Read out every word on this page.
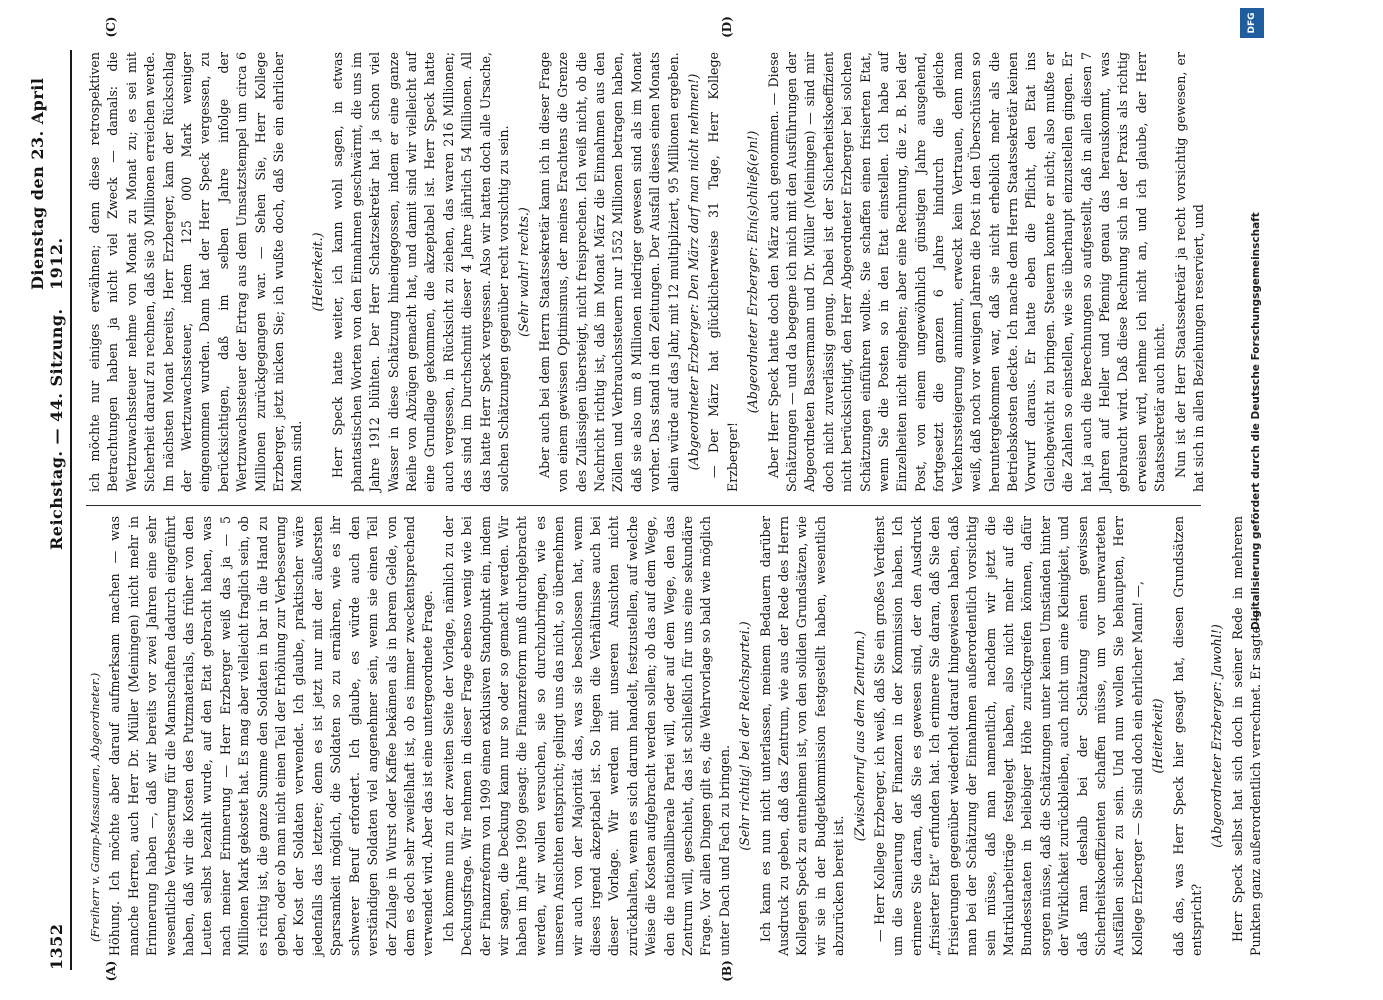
1352
Reichstag. — 44. Sitzung.
Dienstag den 23. April 1912.
(A)	(B)
(C)	(D)

(Freiherr v. Gamp-Massaunen, Abgeordneter.) Höhung. Ich möchte aber darauf aufmerksam machen — was manche Herren, auch Herr Dr. Müller (Meiningen) nicht mehr in Erinnerung haben —, daß wir bereits vor zwei Jahren eine sehr wesentliche Verbesserung für die Mannschaften dadurch eingeführt haben, daß wir die Kosten des Putzmaterials, das früher von den Leuten selbst bezahlt wurde, auf den Etat gebracht haben, was nach meiner Erinnerung — Herr Erzberger weiß das ja — 5 Millionen Mark gekostet hat. Es mag aber vielleicht fraglich sein, ob es richtig ist, die ganze Summe den Soldaten in bar in die Hand zu geben, oder ob man nicht einen Teil der Erhöhung zur Verbesserung der Kost der Soldaten verwendet. Ich glaube, praktischer wäre jedenfalls das letztere; denn es ist jetzt nur mit der äußersten Sparsamkeit möglich, die Soldaten so zu ernähren, wie es ihr schwerer Beruf erfordert. Ich glaube, es würde auch den verständigen Soldaten viel angenehmer sein, wenn sie einen Teil der Zulage in Wurst oder Kaffee bekämen als in barem Gelde, von dem es doch sehr zweifelhaft ist, ob es immer zweckentsprechend verwendet wird. Aber das ist eine untergeordnete Frage. Ich komme nun zu der zweiten Seite der Vorlage, nämlich zu der Deckungsfrage. Wir nehmen in dieser Frage ebenso wenig wie bei der Finanzreform von 1909 einen exklusiven Standpunkt ein, indem wir sagen, die Deckung kann nur so oder so gemacht werden. Wir haben im Jahre 1909 gesagt: die Finanzreform muß durchgebracht werden, wir wollen versuchen, sie so durchzubringen, wie es unseren Ansichten entspricht; gelingt uns das nicht, so übernehmen wir auch von der Majorität das, was sie beschlossen hat, wenn dieses irgend akzeptabel ist. So liegen die Verhältnisse auch bei dieser Vorlage. Wir werden mit unseren Ansichten nicht zurückhalten, wenn es sich darum handelt, festzustellen, auf welche Weise die Kosten aufgebracht werden sollen; ob das auf dem Wege, den die nationalliberale Partei will, oder auf dem Wege, den das Zentrum will, geschieht, das ist schließlich für uns eine sekundäre Frage. Vor allen Dingen gilt es, die Wehrvorlage so bald wie möglich unter Dach und Fach zu bringen. (Sehr richtig! bei der Reichspartei.) Ich kann es nun nicht unterlassen, meinem Bedauern darüber Ausdruck zu geben, daß das Zentrum, wie aus der Rede des Herrn Kollegen Speck zu entnehmen ist, von den soliden Grundsätzen, wie wir sie in der Budgetkommission festgestellt haben, wesentlich abzurücken bereit ist.

(Zwischenruf aus dem Zentrum.) — Herr Kollege Erzberger, ich weiß, daß Sie ein großes Verdienst um die Sanierung der Finanzen in der Kommission haben. Ich erinnere Sie daran, daß Sie es gewesen sind, der den Ausdruck „frisierter Etat“ erfunden hat. Ich erinnere Sie daran, daß Sie den Frisierungen gegenüber wiederholt darauf hingewiesen haben, daß man bei der Schätzung der Einnahmen außerordentlich vorsichtig sein müsse, daß man namentlich, nachdem wir jetzt die Matrikularbeiträge festgelegt haben, also nicht mehr auf die Bundesstaaten in beliebiger Höhe zurückgreifen können, dafür sorgen müsse, daß die Schätzungen unter keinen Umständen hinter der Wirklichkeit zurückbleiben, auch nicht um eine Kleinigkeit, und daß man deshalb bei der Schätzung einen gewissen Sicherheitskoeffizienten schaffen müsse, um vor unerwarteten Ausfällen sicher zu sein. Und nun wollen Sie behaupten, Herr Kollege Erzberger — Sie sind doch ein ehrlicher Mann! —, (Heiterkeit) daß das, was Herr Speck hier gesagt hat, diesen Grundsätzen entspricht?

(Abgeordneter Erzberger: Jawohl!) Herr Speck selbst hat sich doch in seiner Rede in mehreren Punkten ganz außerordentlich verrechnet. Er sagte —

ich möchte nur einiges erwähnen; denn diese retrospektiven Betrachtungen haben ja nicht viel Zweck — damals: die Wertzuwachssteuer nehme von Monat zu Monat zu; es sei mit Sicherheit darauf zu rechnen, daß sie 30 Millionen erreichen werde. Im nächsten Monat bereits, Herr Erzberger, kam der Rückschlag der Wertzuwachssteuer, indem 125 000 Mark weniger eingenommen wurden. Dann hat der Herr Speck vergessen, zu berücksichtigen, daß im selben Jahre infolge der Wertzuwachssteuer der Ertrag aus dem Umsatzstempel um circa 6 Millionen zurückgegangen war. — Sehen Sie, Herr Kollege Erzberger, jetzt nicken Sie; ich wußte doch, daß Sie ein ehrlicher Mann sind.

(Heiterkeit.) Herr Speck hatte weiter, ich kann wohl sagen, in etwas phantastischen Worten von den Einnahmen geschwärmt, die uns im Jahre 1912 blühten. Der Herr Schatzsekretär hat ja schon viel Wasser in diese Schätzung hineingegossen, indem er eine ganze Reihe von Abzügen gemacht hat, und damit sind wir vielleicht auf eine Grundlage gekommen, die akzeptabel ist. Herr Speck hatte auch vergessen, in Rücksicht zu ziehen, das waren 216 Millionen; das sind im Durchschnitt dieser 4 Jahre jährlich 54 Millionen. All das hatte Herr Speck vergessen. Also wir hatten doch alle Ursache, solchen Schätzungen gegenüber recht vorsichtig zu sein. (Sehr wahr! rechts.) Aber auch bei dem Herrn Staatssekretär kann ich in dieser Frage von einem gewissen Optimismus, der meines Erachtens die Grenze des Zulässigen übersteigt, nicht freisprechen. Ich weiß nicht, ob die Nachricht richtig ist, daß im Monat März die Einnahmen aus den Zöllen und Verbrauchssteuern nur 1552 Millionen betragen haben, daß sie also um 8 Millionen niedriger gewesen sind als im Monat vorher. Das stand in den Zeitungen. Der Ausfall dieses einen Monats allein würde auf das Jahr, mit 12 multipliziert, 95 Millionen ergeben. (Abgeordneter Erzberger: Den März darf man nicht nehmen!) — Der März hat glücklicherweise 31 Tage, Herr Kollege Erzberger!

(Abgeordneter Erzberger: Ein(s)chließ(e)n!) Aber Herr Speck hatte doch den März auch genommen. — Diese Schätzungen — und da begegne ich mich mit den Ausführungen der Abgeordneten Bassermann und Dr. Müller (Meiningen) — sind mir doch nicht zuverlässig genug. Dabei ist der Sicherheitskoeffizient nicht berücksichtigt, den Herr Abgeordneter Erzberger bei solchen Schätzungen einführen wollte. Sie schaffen einen frisierten Etat, wenn Sie die Posten so in den Etat einstellen. Ich habe auf Einzelheiten nicht eingehen; aber eine Rechnung, die z. B. bei der Post, von einem ungewöhnlich günstigen Jahre ausgehend, fortgesetzt die ganzen 6 Jahre hindurch die gleiche Verkehrssteigerung annimmt, erweckt kein Vertrauen, denn man weiß, daß noch vor wenigen Jahren die Post in den Überschüssen so heruntergekommen war, daß sie nicht erheblich mehr als die Betriebskosten deckte. Ich mache dem Herrn Staatssekretär keinen Vorwurf daraus. Er hatte eben die Pflicht, den Etat ins Gleichgewicht zu bringen. Steuern konnte er nicht; also mußte er die Zahlen so einstellen, wie sie überhaupt einzustellen gingen. Er hat ja auch die Berechnungen so aufgestellt, daß in allen diesen 7 Jahren auf Heller und Pfennig genau das herauskommt, was gebraucht wird. Daß diese Rechnung sich in der Praxis als richtig erweisen wird, nehme ich nicht an, und ich glaube, der Herr Staatssekretär auch nicht. Nun ist der Herr Staatssekretär ja recht vorsichtig gewesen, er hat sich in allen Beziehungen reserviert, und	Digitalisierung gefördert durch die Deutsche Forschungsgemeinschaft
DFG
